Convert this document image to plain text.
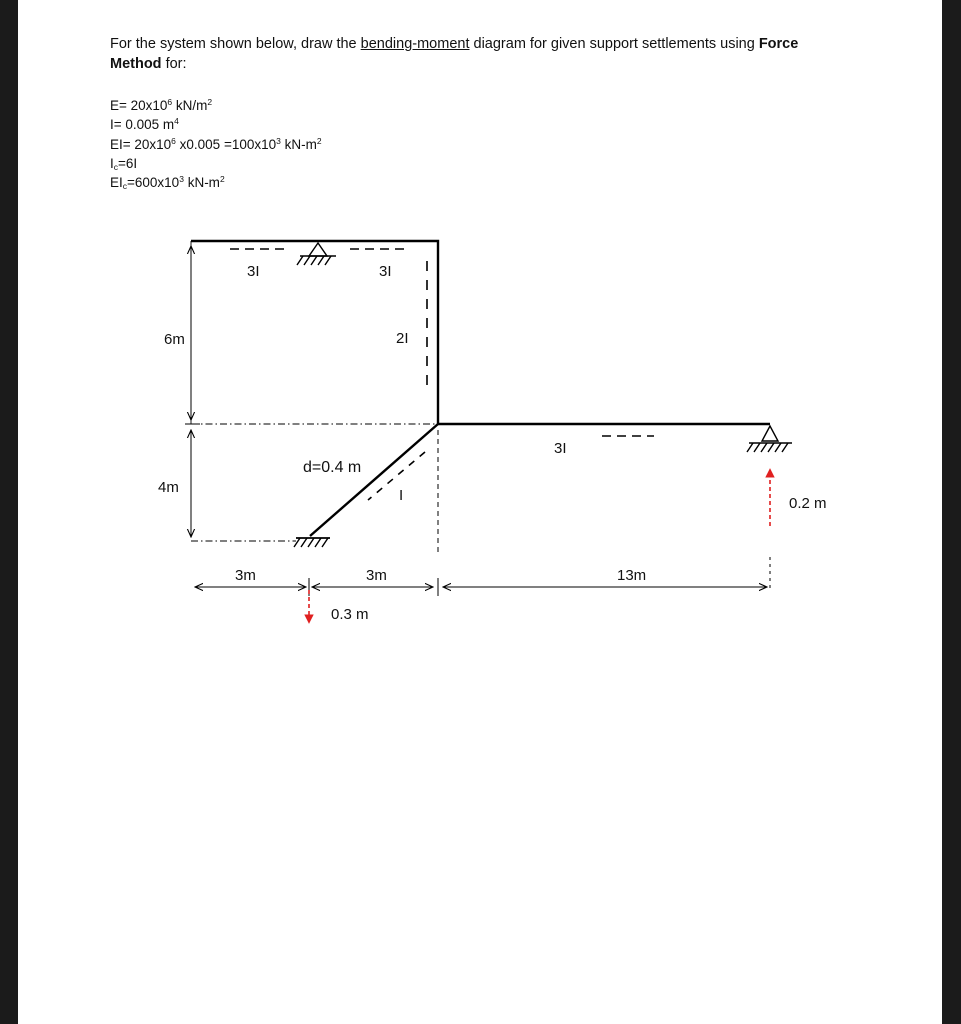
For the system shown below, draw the bending-moment diagram for given support settlements using Force
Method for:
$E= 20x10^6$ $kN/m^2$
I= 0.005 $m^4$
$EI= 20x10^6$ $x0.005 =100x10^3$ $kN-m^2$
$I_c=6I$
$EI_c=600x10^3$ $kN-m^2$
3I	3I
2I
I
3I
6m
4m
d=0.4 m
3m	3m	13m
0.3 m
0.2 m
